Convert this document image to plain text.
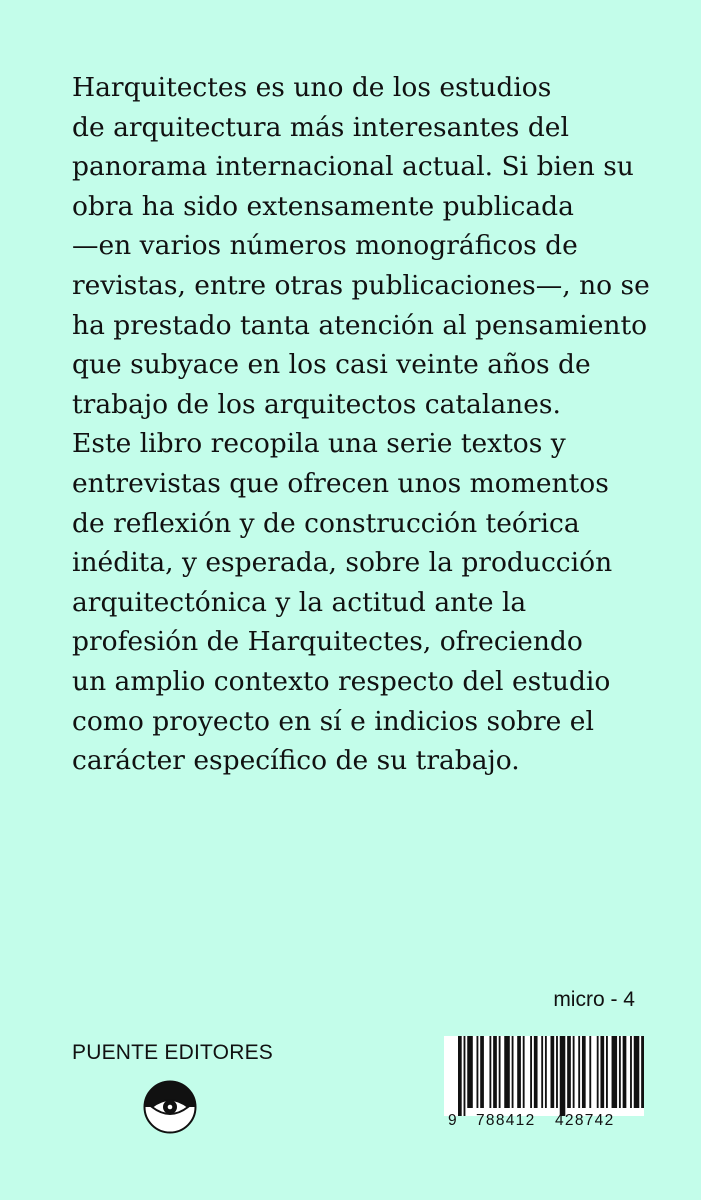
Harquitectes es uno de los estudios
de arquitectura más interesantes del
panorama internacional actual. Si bien su
obra ha sido extensamente publicada
—en varios números monográficos de
revistas, entre otras publicaciones—, no se
ha prestado tanta atención al pensamiento
que subyace en los casi veinte años de
trabajo de los arquitectos catalanes.
Este libro recopila una serie textos y
entrevistas que ofrecen unos momentos
de reflexión y de construcción teórica
inédita, y esperada, sobre la producción
arquitectónica y la actitud ante la
profesión de Harquitectes, ofreciendo
un amplio contexto respecto del estudio
como proyecto en sí e indicios sobre el
carácter específico de su trabajo.
micro - 4
PUENTE EDITORES
9 788412 428742
